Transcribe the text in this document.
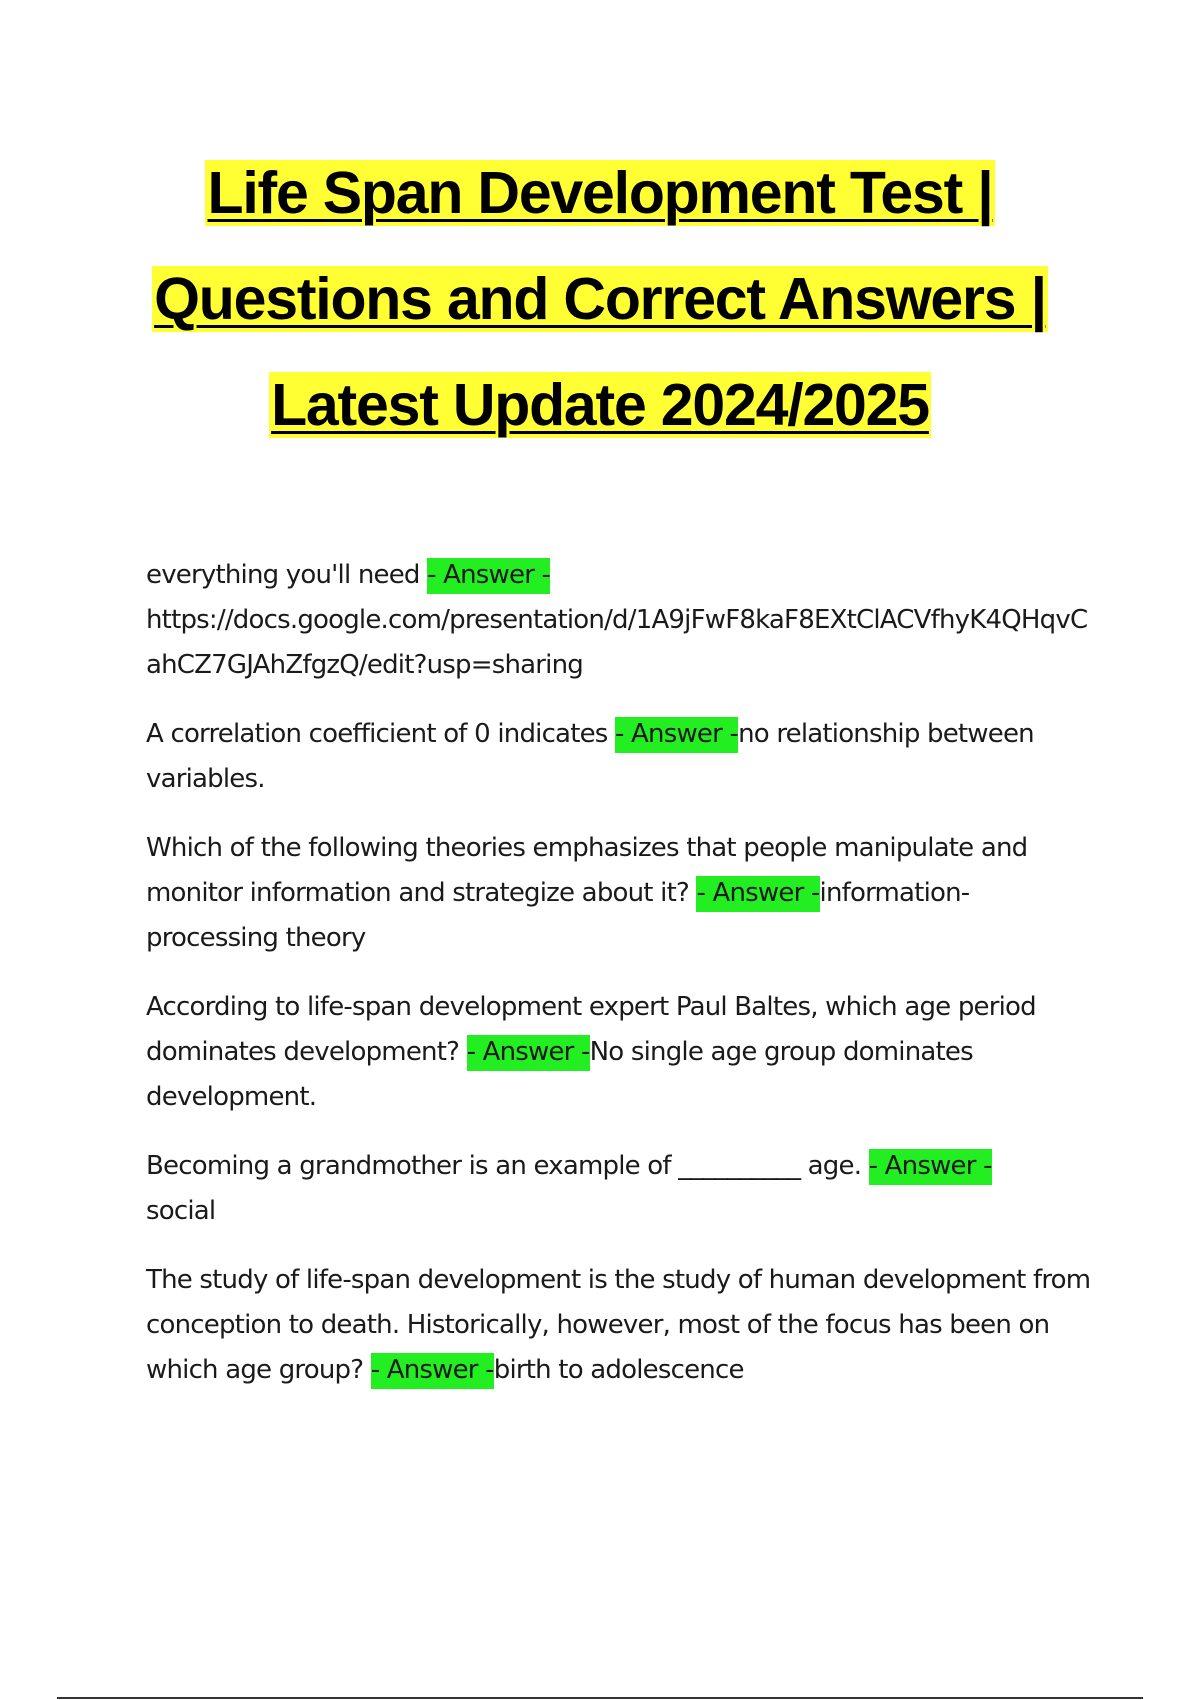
Life Span Development Test |
Questions and Correct Answers |
Latest Update 2024/2025

everything you'll need - Answer -
https://docs.google.com/presentation/d/1A9jFwF8kaF8EXtClACVfhyK4QHqvCahCZ7GJAhZfgzQ/edit?usp=sharing

A correlation coefficient of 0 indicates - Answer -no relationship between variables.

Which of the following theories emphasizes that people manipulate and monitor information and strategize about it? - Answer -information-processing theory

According to life-span development expert Paul Baltes, which age period dominates development? - Answer -No single age group dominates development.

Becoming a grandmother is an example of __________ age. - Answer -
social

The study of life-span development is the study of human development from conception to death. Historically, however, most of the focus has been on which age group? - Answer -birth to adolescence
